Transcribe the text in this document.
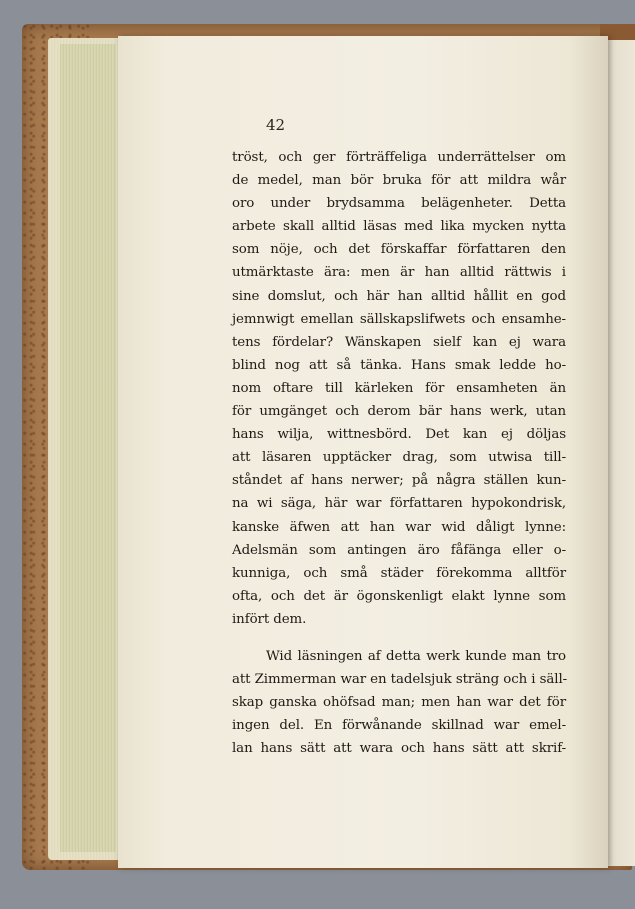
42
tröst, och ger förträffeliga underrättelser om
de medel, man bör bruka för att mildra wår
oro under brydsamma belägenheter. Detta
arbete skall alltid läsas med lika mycken nytta
som nöje, och det förskaffar författaren den
utmärktaste ära: men är han alltid rättwis i
sine domslut, och här han alltid hållit en god
jemnwigt emellan sällskapslifwets och ensamhe-
tens fördelar? Wänskapen sielf kan ej wara
blind nog att så tänka. Hans smak ledde ho-
nom oftare till kärleken för ensamheten än
för umgänget och derom bär hans werk, utan
hans wilja, wittnesbörd. Det kan ej döljas
att läsaren upptäcker drag, som utwisa till-
ståndet af hans nerwer; på några ställen kun-
na wi säga, här war författaren hypokondrisk,
kanske äfwen att han war wid dåligt lynne:
Adelsmän som antingen äro fåfänga eller o-
kunniga, och små städer förekomma alltför
ofta, och det är ögonskenligt elakt lynne som
infört dem.
Wid läsningen af detta werk kunde man tro
att Zimmerman war en tadelsjuk sträng och i säll-
skap ganska ohöfsad man; men han war det för
ingen del. En förwånande skillnad war emel-
lan hans sätt att wara och hans sätt att skrif-
